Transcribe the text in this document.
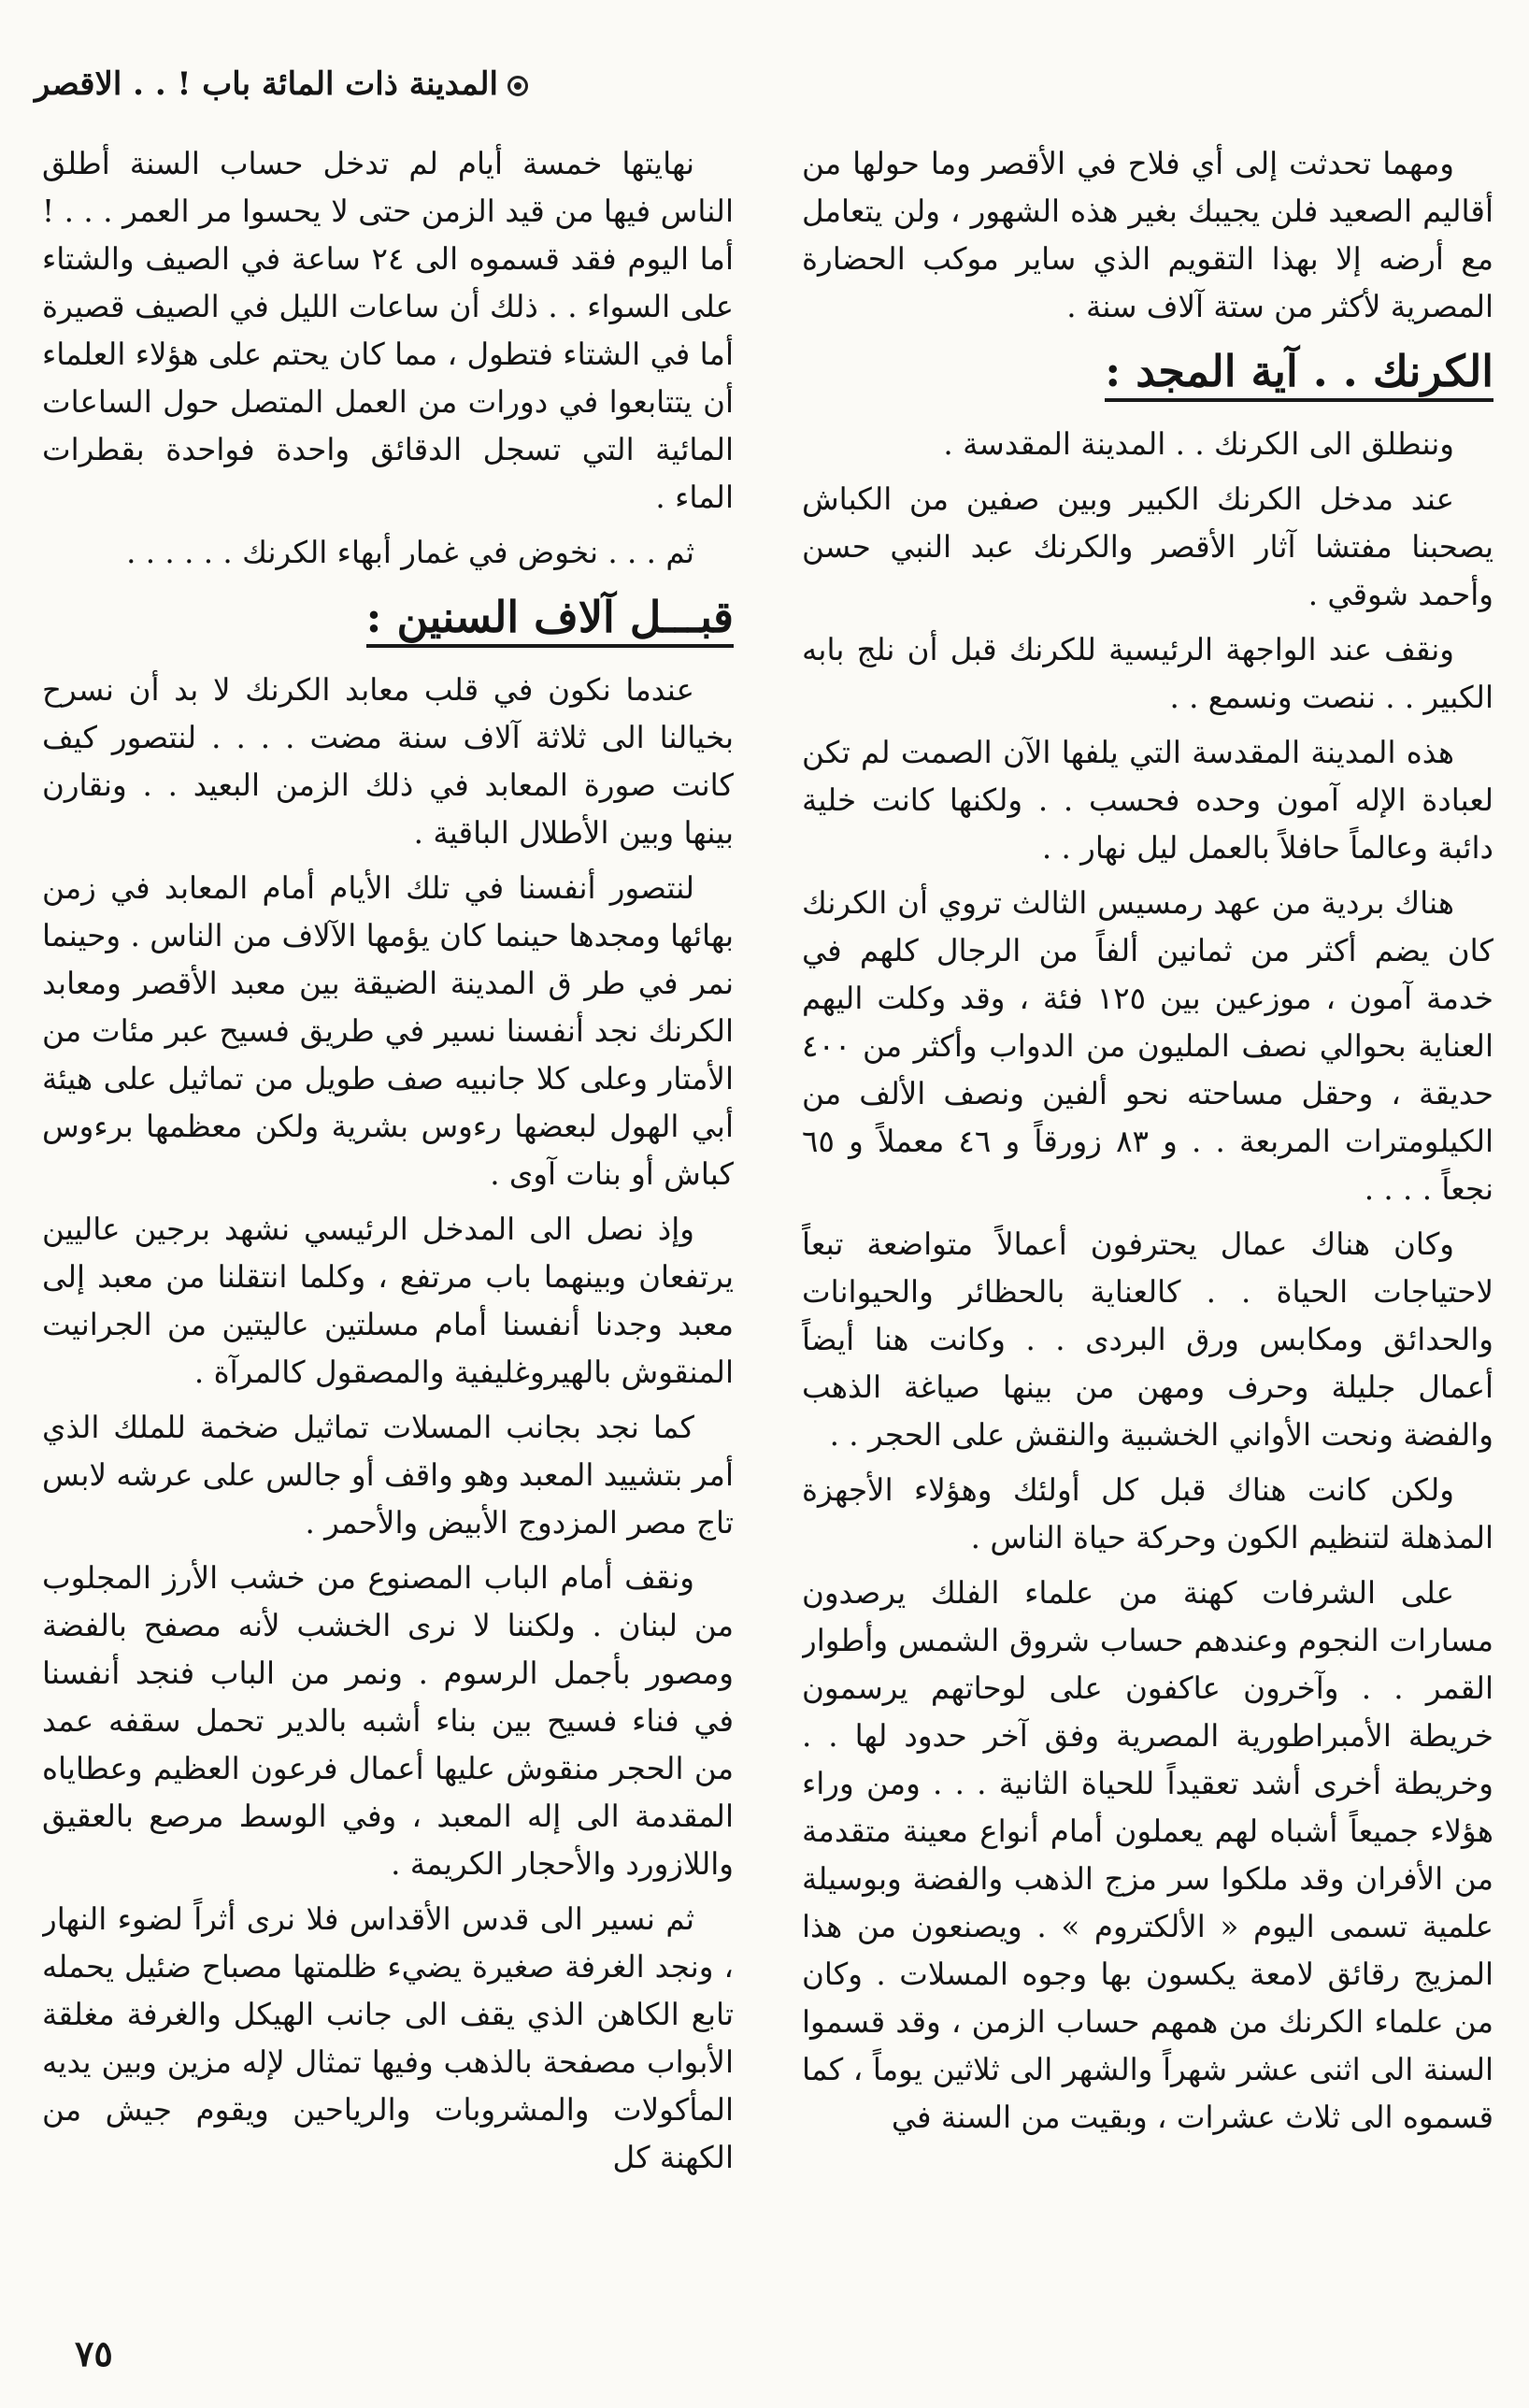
المدينة ذات المائة باب ! . . الاقصر

ومهما تحدثت إلى أي فلاح في الأقصر وما حولها من أقاليم الصعيد فلن يجيبك بغير هذه الشهور ، ولن يتعامل مع أرضه إلا بهذا التقويم الذي ساير موكب الحضارة المصرية لأكثر من ستة آلاف سنة .

الكرنك . . آية المجد :

وننطلق الى الكرنك . . المدينة المقدسة .

عند مدخل الكرنك الكبير وبين صفين من الكباش يصحبنا مفتشا آثار الأقصر والكرنك عبد النبي حسن وأحمد شوقي .

ونقف عند الواجهة الرئيسية للكرنك قبل أن نلج بابه الكبير . . ننصت ونسمع . .

هذه المدينة المقدسة التي يلفها الآن الصمت لم تكن لعبادة الإله آمون وحده فحسب . . ولكنها كانت خلية دائبة وعالماً حافلاً بالعمل ليل نهار . .

هناك بردية من عهد رمسيس الثالث تروي أن الكرنك كان يضم أكثر من ثمانين ألفاً من الرجال كلهم في خدمة آمون ، موزعين بين ١٢٥ فئة ، وقد وكلت اليهم العناية بحوالي نصف المليون من الدواب وأكثر من ٤٠٠ حديقة ، وحقل مساحته نحو ألفين ونصف الألف من الكيلومترات المربعة . . و ٨٣ زورقاً و ٤٦ معملاً و ٦٥ نجعاً . . . .

وكان هناك عمال يحترفون أعمالاً متواضعة تبعاً لاحتياجات الحياة . . كالعناية بالحظائر والحيوانات والحدائق ومكابس ورق البردى . . وكانت هنا أيضاً أعمال جليلة وحرف ومهن من بينها صياغة الذهب والفضة ونحت الأواني الخشبية والنقش على الحجر . .

ولكن كانت هناك قبل كل أولئك وهؤلاء الأجهزة المذهلة لتنظيم الكون وحركة حياة الناس .

على الشرفات كهنة من علماء الفلك يرصدون مسارات النجوم وعندهم حساب شروق الشمس وأطوار القمر . . وآخرون عاكفون على لوحاتهم يرسمون خريطة الأمبراطورية المصرية وفق آخر حدود لها . . وخريطة أخرى أشد تعقيداً للحياة الثانية . . . ومن وراء هؤلاء جميعاً أشباه لهم يعملون أمام أنواع معينة متقدمة من الأفران وقد ملكوا سر مزج الذهب والفضة وبوسيلة علمية تسمى اليوم « الألكتروم » . ويصنعون من هذا المزيج رقائق لامعة يكسون بها وجوه المسلات . وكان من علماء الكرنك من همهم حساب الزمن ، وقد قسموا السنة الى اثنى عشر شهراً والشهر الى ثلاثين يوماً ، كما قسموه الى ثلاث عشرات ، وبقيت من السنة في

نهايتها خمسة أيام لم تدخل حساب السنة أطلق الناس فيها من قيد الزمن حتى لا يحسوا مر العمر . . . ! أما اليوم فقد قسموه الى ٢٤ ساعة في الصيف والشتاء على السواء . . ذلك أن ساعات الليل في الصيف قصيرة أما في الشتاء فتطول ، مما كان يحتم على هؤلاء العلماء أن يتتابعوا في دورات من العمل المتصل حول الساعات المائية التي تسجل الدقائق واحدة فواحدة بقطرات الماء .

ثم . . . نخوض في غمار أبهاء الكرنك . . . . . .

قبـــل آلاف السنين :

عندما نكون في قلب معابد الكرنك لا بد أن نسرح بخيالنا الى ثلاثة آلاف سنة مضت . . . . لنتصور كيف كانت صورة المعابد في ذلك الزمن البعيد . . ونقارن بينها وبين الأطلال الباقية .

لنتصور أنفسنا في تلك الأيام أمام المعابد في زمن بهائها ومجدها حينما كان يؤمها الآلاف من الناس . وحينما نمر في طر ق المدينة الضيقة بين معبد الأقصر ومعابد الكرنك نجد أنفسنا نسير في طريق فسيح عبر مئات من الأمتار وعلى كلا جانبيه صف طويل من تماثيل على هيئة أبي الهول لبعضها رءوس بشرية ولكن معظمها برءوس كباش أو بنات آوى .

وإذ نصل الى المدخل الرئيسي نشهد برجين عاليين يرتفعان وبينهما باب مرتفع ، وكلما انتقلنا من معبد إلى معبد وجدنا أنفسنا أمام مسلتين عاليتين من الجرانيت المنقوش بالهيروغليفية والمصقول كالمرآة .

كما نجد بجانب المسلات تماثيل ضخمة للملك الذي أمر بتشييد المعبد وهو واقف أو جالس على عرشه لابس تاج مصر المزدوج الأبيض والأحمر .

ونقف أمام الباب المصنوع من خشب الأرز المجلوب من لبنان . ولكننا لا نرى الخشب لأنه مصفح بالفضة ومصور بأجمل الرسوم . ونمر من الباب فنجد أنفسنا في فناء فسيح بين بناء أشبه بالدير تحمل سقفه عمد من الحجر منقوش عليها أعمال فرعون العظيم وعطاياه المقدمة الى إله المعبد ، وفي الوسط مرصع بالعقيق واللازورد والأحجار الكريمة .

ثم نسير الى قدس الأقداس فلا نرى أثراً لضوء النهار ، ونجد الغرفة صغيرة يضيء ظلمتها مصباح ضئيل يحمله تابع الكاهن الذي يقف الى جانب الهيكل والغرفة مغلقة الأبواب مصفحة بالذهب وفيها تمثال لإله مزين وبين يديه المأكولات والمشروبات والرياحين ويقوم جيش من الكهنة كل

٧٥
